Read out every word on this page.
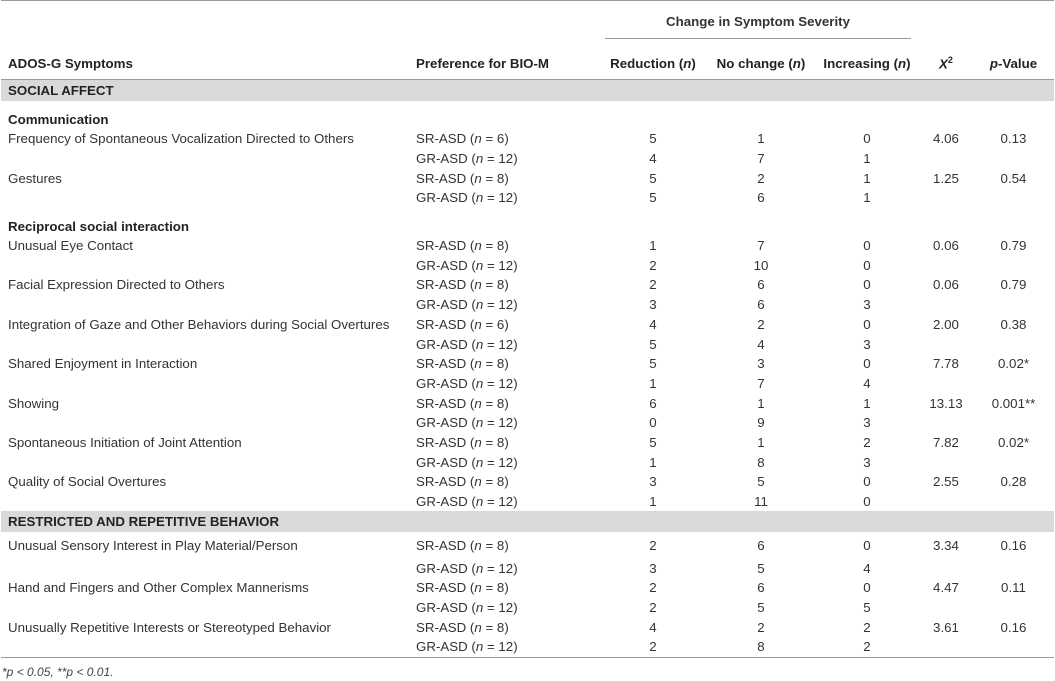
		Change in Symptom Severity				

ADOS-G Symptoms	Preference for BIO-M	Reduction (n)	No change (n)	Increasing (n)	$X^2$	p-Value
SOCIAL AFFECT						
Communication						
Frequency of Spontaneous Vocalization Directed to Others	SR-ASD (n = 6)	5	1	0	4.06	0.13
	GR-ASD (n = 12)	4	7	1		
Gestures	SR-ASD (n = 8)	5	2	1	1.25	0.54
	GR-ASD (n = 12)	5	6	1		
Reciprocal social interaction						
Unusual Eye Contact	SR-ASD (n = 8)	1	7	0	0.06	0.79
	GR-ASD (n = 12)	2	10	0		
Facial Expression Directed to Others	SR-ASD (n = 8)	2	6	0	0.06	0.79
	GR-ASD (n = 12)	3	6	3		
Integration of Gaze and Other Behaviors during Social Overtures	SR-ASD (n = 6)	4	2	0	2.00	0.38
	GR-ASD (n = 12)	5	4	3		
Shared Enjoyment in Interaction	SR-ASD (n = 8)	5	3	0	7.78	0.02*
	GR-ASD (n = 12)	1	7	4		
Showing	SR-ASD (n = 8)	6	1	1	13.13	0.001**
	GR-ASD (n = 12)	0	9	3		
Spontaneous Initiation of Joint Attention	SR-ASD (n = 8)	5	1	2	7.82	0.02*
	GR-ASD (n = 12)	1	8	3		
Quality of Social Overtures	SR-ASD (n = 8)	3	5	0	2.55	0.28
	GR-ASD (n = 12)	1	11	0		
RESTRICTED AND REPETITIVE BEHAVIOR						
Unusual Sensory Interest in Play Material/Person	SR-ASD (n = 8)	2	6	0	3.34	0.16
	GR-ASD (n = 12)	3	5	4		
Hand and Fingers and Other Complex Mannerisms	SR-ASD (n = 8)	2	6	0	4.47	0.11
	GR-ASD (n = 12)	2	5	5		
Unusually Repetitive Interests or Stereotyped Behavior	SR-ASD (n = 8)	4	2	2	3.61	0.16
	GR-ASD (n = 12)	2	8	2		

*p < 0.05, **p < 0.01.
